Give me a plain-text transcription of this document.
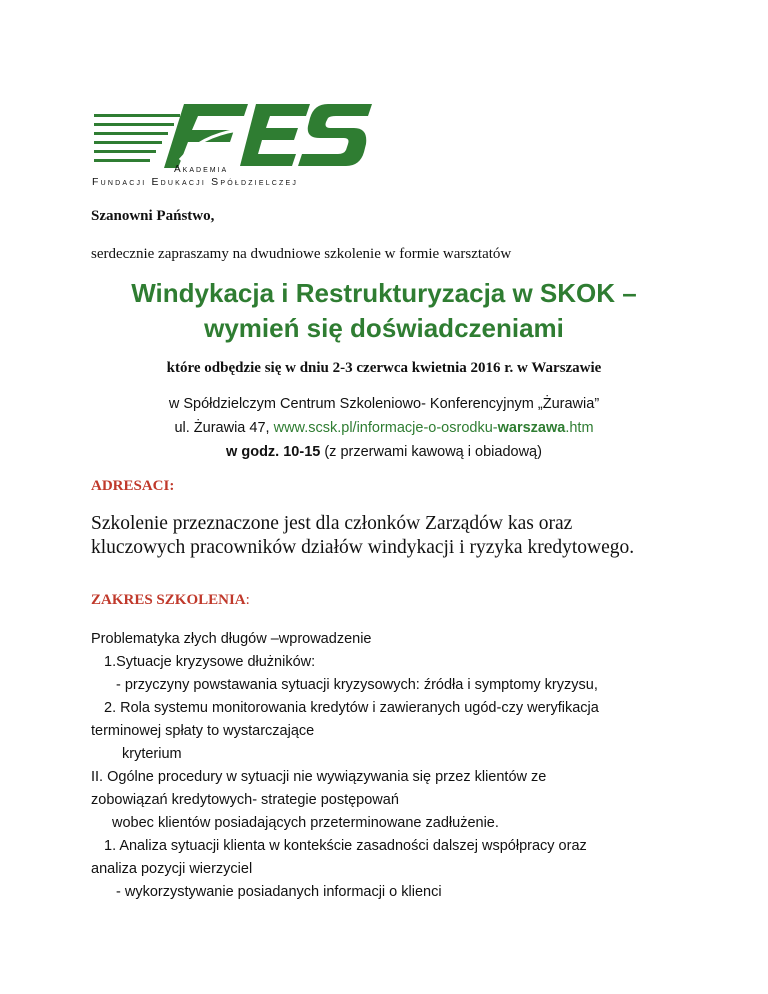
Akademia
Fundacji Edukacji Spółdzielczej
Szanowni Państwo,
serdecznie zapraszamy na dwudniowe szkolenie w formie warsztatów
Windykacja i Restrukturyzacja w SKOK –
wymień się doświadczeniami
które odbędzie się w dniu 2-3 czerwca kwietnia 2016 r. w Warszawie
w Spółdzielczym Centrum Szkoleniowo- Konferencyjnym „Żurawia”
ul. Żurawia 47, www.scsk.pl/informacje-o-osrodku-warszawa.htm
w godz. 10-15 (z przerwami kawową i obiadową)
ADRESACI:
Szkolenie przeznaczone jest dla członków Zarządów kas oraz
kluczowych pracowników działów windykacji i ryzyka kredytowego.
ZAKRES SZKOLENIA:
Problematyka złych długów –wprowadzenie
1.Sytuacje kryzysowe dłużników:
- przyczyny powstawania sytuacji kryzysowych: źródła i symptomy kryzysu,
2. Rola systemu monitorowania kredytów i zawieranych ugód-czy weryfikacja
terminowej spłaty to wystarczające
kryterium
II. Ogólne procedury w sytuacji nie wywiązywania się przez klientów ze
zobowiązań kredytowych- strategie postępowań
wobec klientów posiadających przeterminowane zadłużenie.
1. Analiza sytuacji klienta w kontekście zasadności dalszej współpracy oraz
analiza pozycji wierzyciel
- wykorzystywanie posiadanych informacji o klienci
